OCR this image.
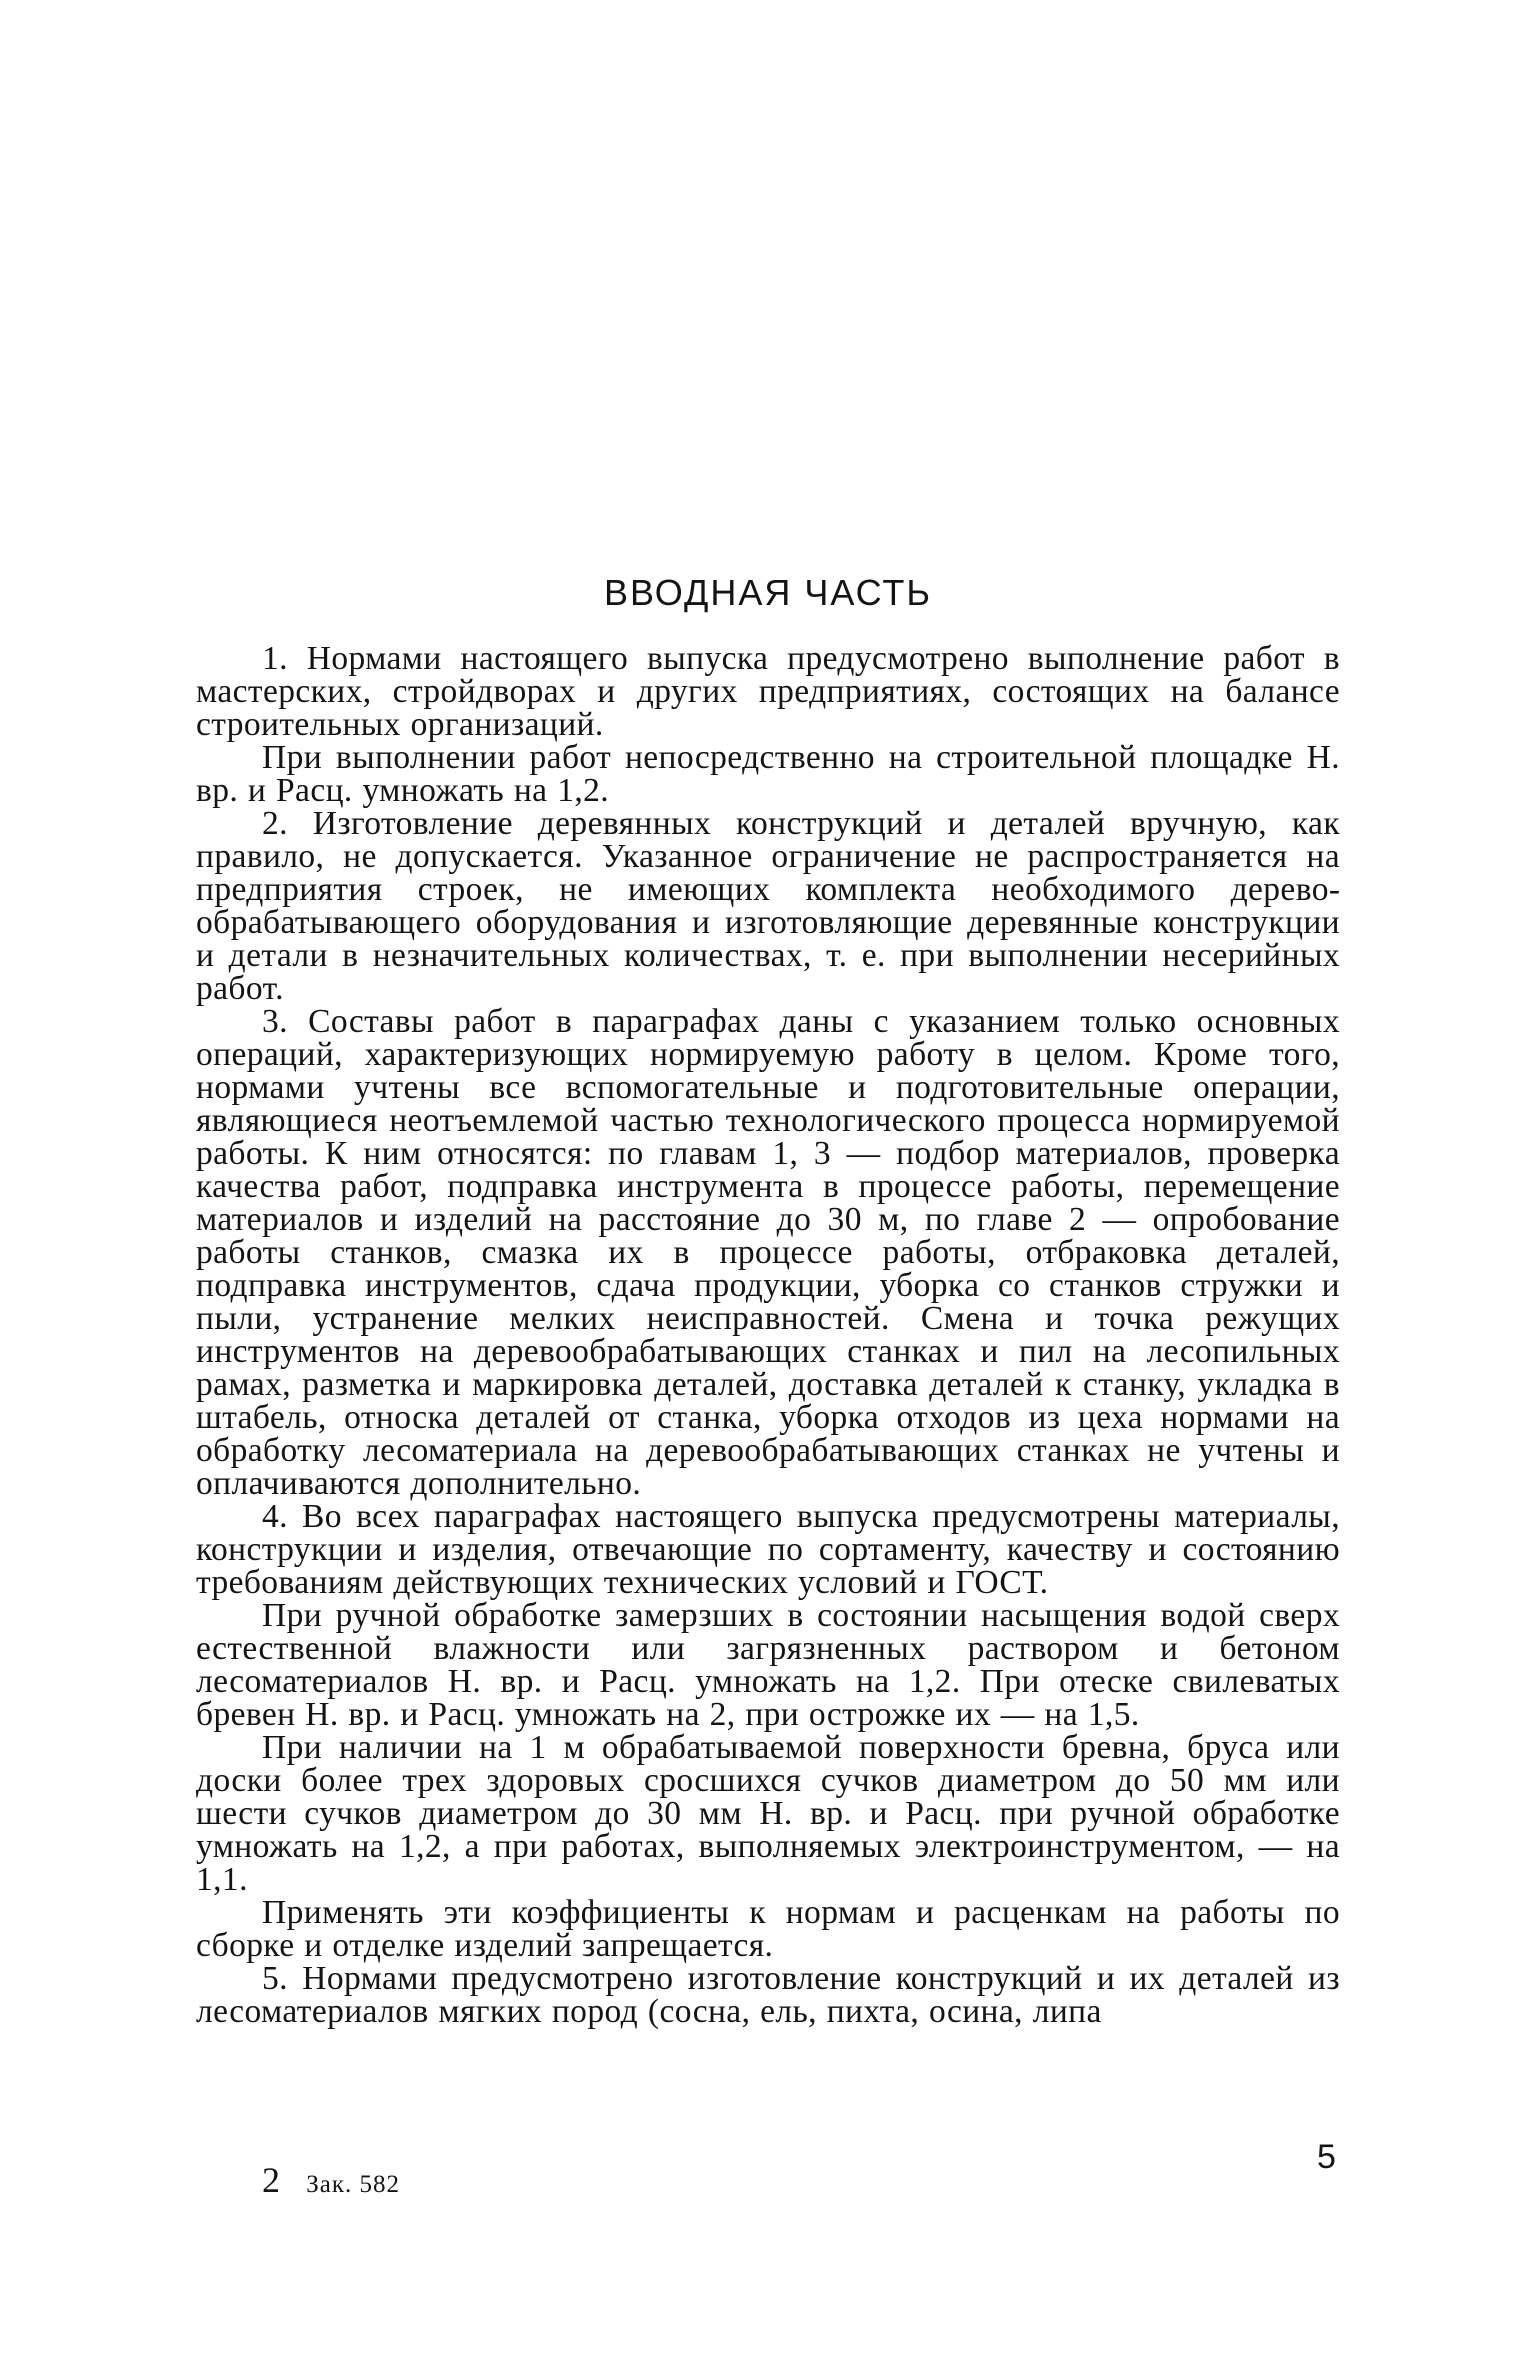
ВВОДНАЯ ЧАСТЬ

1. Нормами настоящего выпуска предусмотрено выполнение работ в мастерских, стройдворах и других предприятиях, состоящих на балансе строительных организаций.

При выполнении работ непосредственно на строительной площадке Н. вр. и Расц. умножать на 1,2.

2. Изготовление деревянных конструкций и деталей вручную, как правило, не допускается. Указанное ограничение не распространяется на предприятия строек, не имеющих комплекта необходимого деревообрабатывающего оборудования и изготовляющие деревянные конструкции и детали в незначительных количествах, т. е. при выполнении несерийных работ.

3. Составы работ в параграфах даны с указанием только основных операций, характеризующих нормируемую работу в целом. Кроме того, нормами учтены все вспомогательные и подготовительные операции, являющиеся неотъемлемой частью технологического процесса нормируемой работы. К ним относятся: по главам 1, 3 — подбор материалов, проверка качества работ, подправка инструмента в процессе работы, перемещение материалов и изделий на расстояние до 30 м, по главе 2 — опробование работы станков, смазка их в процессе работы, отбраковка деталей, подправка инструментов, сдача продукции, уборка со станков стружки и пыли, устранение мелких неисправностей. Смена и точка режущих инструментов на деревообрабатывающих станках и пил на лесопильных рамах, разметка и маркировка деталей, доставка деталей к станку, укладка в штабель, относка деталей от станка, уборка отходов из цеха нормами на обработку лесоматериала на деревообрабатывающих станках не учтены и оплачиваются дополнительно.

4. Во всех параграфах настоящего выпуска предусмотрены материалы, конструкции и изделия, отвечающие по сортаменту, качеству и состоянию требованиям действующих технических условий и ГОСТ.

При ручной обработке замерзших в состоянии насыщения водой сверх естественной влажности или загрязненных раствором и бетоном лесоматериалов Н. вр. и Расц. умножать на 1,2. При отеске свилеватых бревен Н. вр. и Расц. умножать на 2, при острожке их — на 1,5.

При наличии на 1 м обрабатываемой поверхности бревна, бруса или доски более трех здоровых сросшихся сучков диаметром до 50 мм или шести сучков диаметром до 30 мм Н. вр. и Расц. при ручной обработке умножать на 1,2, а при работах, выполняемых электроинструментом, — на 1,1.

Применять эти коэффициенты к нормам и расценкам на работы по сборке и отделке изделий запрещается.

5. Нормами предусмотрено изготовление конструкций и их деталей из лесоматериалов мягких пород (сосна, ель, пихта, осина, липа

2 Зак. 582
5
